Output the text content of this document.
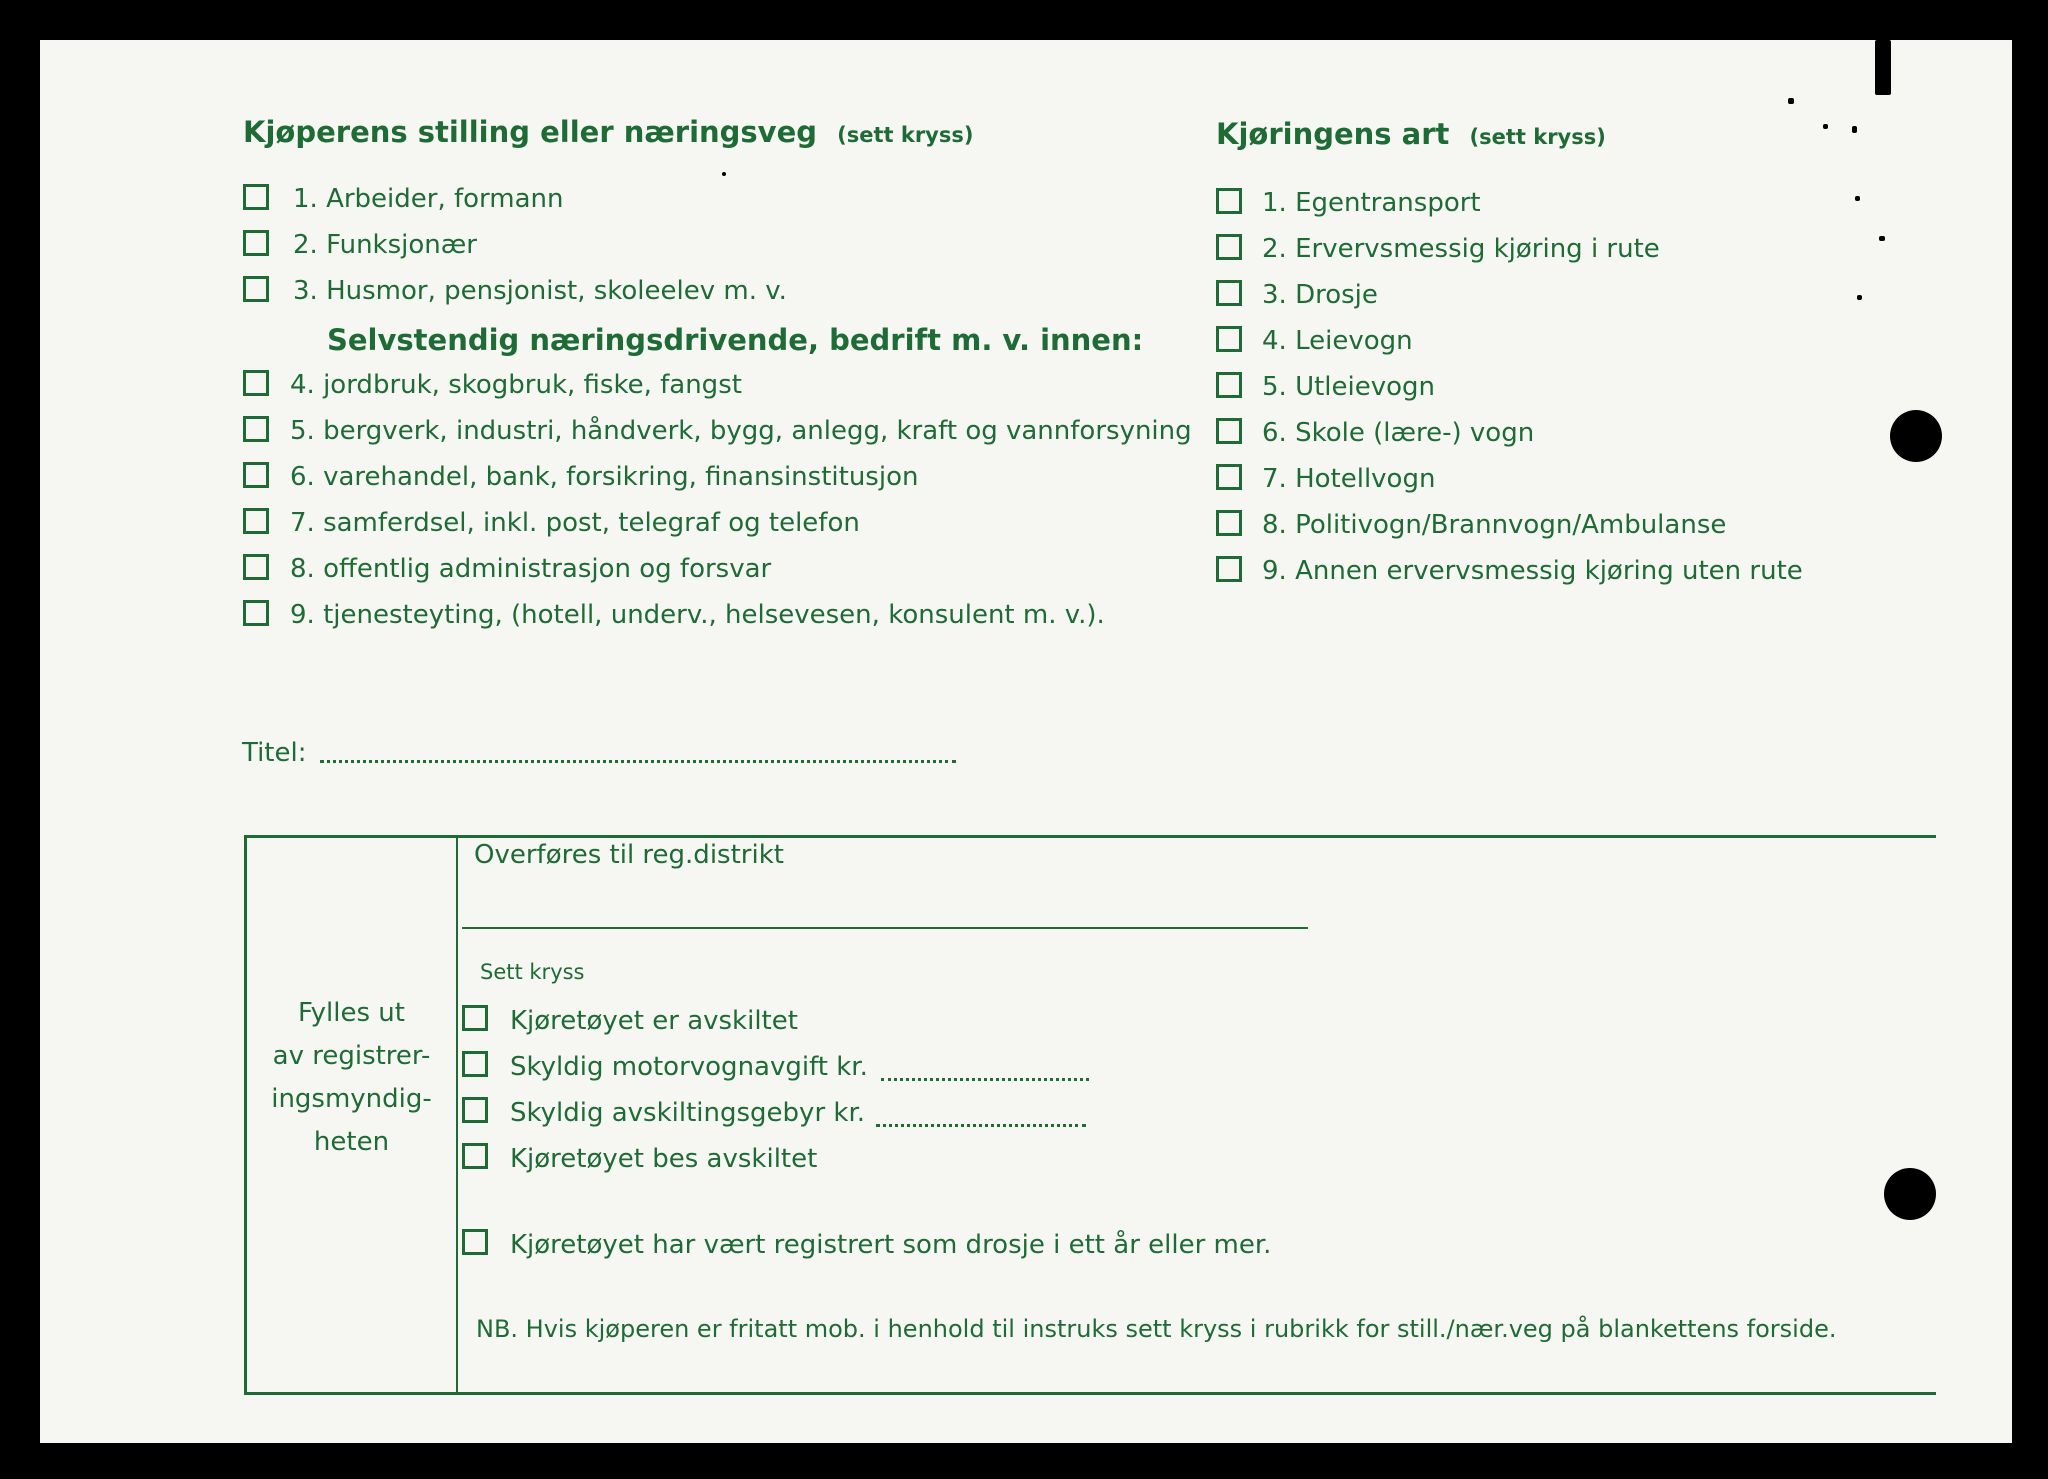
Kjøperens stilling eller næringsveg (sett kryss)
1. Arbeider, formann
2. Funksjonær
3. Husmor, pensjonist, skoleelev m. v.
Selvstendig næringsdrivende, bedrift m. v. innen:
4. jordbruk, skogbruk, fiske, fangst
5. bergverk, industri, håndverk, bygg, anlegg, kraft og vannforsyning
6. varehandel, bank, forsikring, finansinstitusjon
7. samferdsel, inkl. post, telegraf og telefon
8. offentlig administrasjon og forsvar
9. tjenesteyting, (hotell, underv., helsevesen, konsulent m. v.).
Titel:
Kjøringens art (sett kryss)
1. Egentransport
2. Ervervsmessig kjøring i rute
3. Drosje
4. Leievogn
5. Utleievogn
6. Skole (lære-) vogn
7. Hotellvogn
8. Politivogn/Brannvogn/Ambulanse
9. Annen ervervsmessig kjøring uten rute
Fylles ut
av registrer-
ingsmyndig-
heten
Overføres til reg.distrikt
Sett kryss
Kjøretøyet er avskiltet
Skyldig motorvognavgift kr.
Skyldig avskiltingsgebyr kr.
Kjøretøyet bes avskiltet
Kjøretøyet har vært registrert som drosje i ett år eller mer.
NB. Hvis kjøperen er fritatt mob. i henhold til instruks sett kryss i rubrikk for still./nær.veg på blankettens forside.
